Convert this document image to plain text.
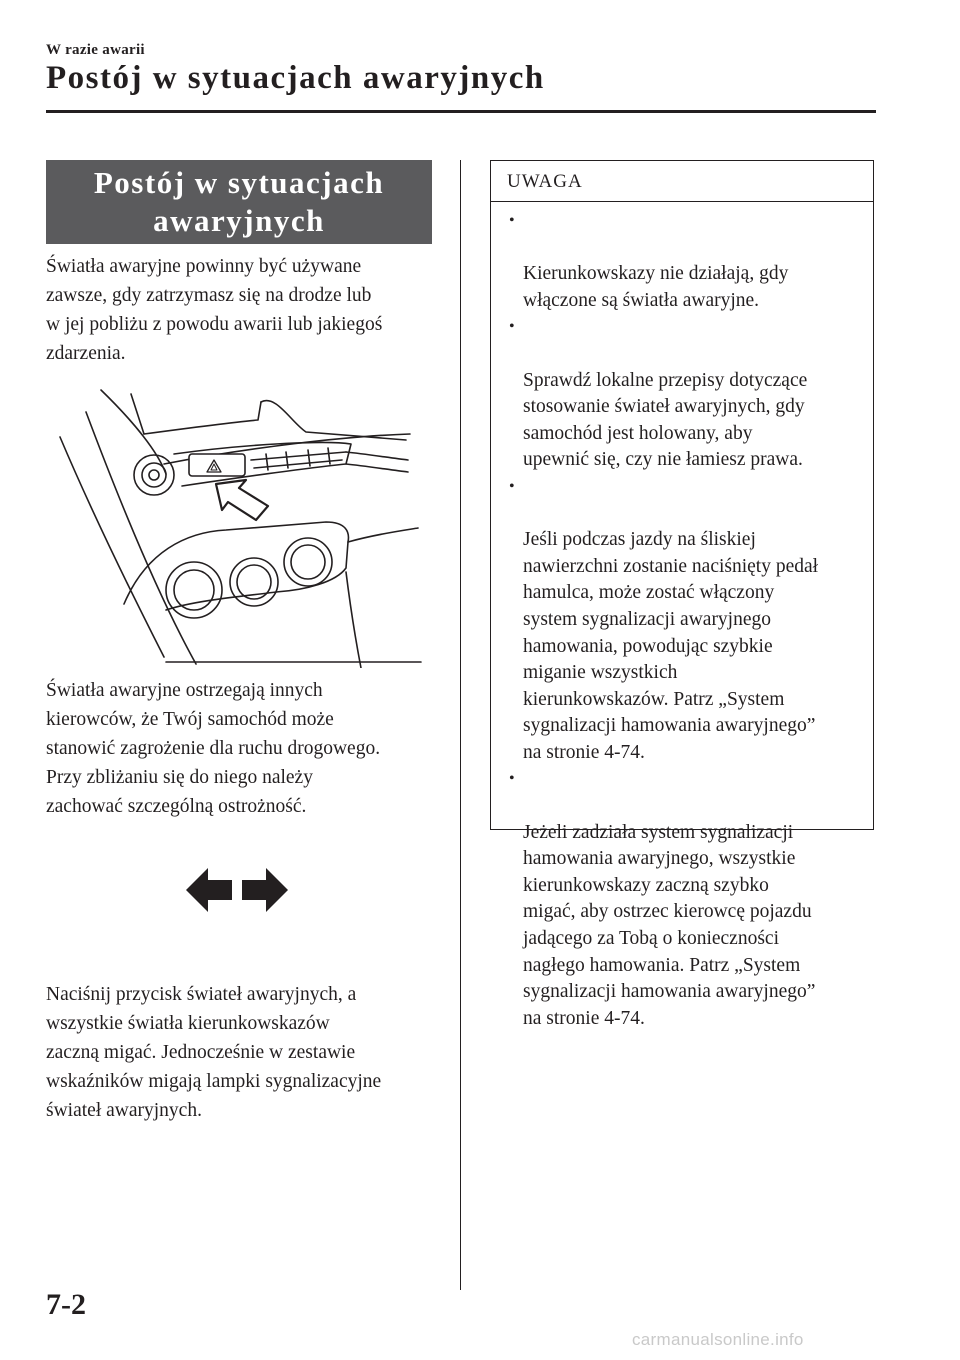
W razie awarii
Postój w sytuacjach awaryjnych
Postój w sytuacjach
awaryjnych

Światła awaryjne powinny być używane
zawsze, gdy zatrzymasz się na drodze lub
w jej pobliżu z powodu awarii lub jakiegoś
zdarzenia.

Światła awaryjne ostrzegają innych
kierowców, że Twój samochód może
stanowić zagrożenie dla ruchu drogowego.
Przy zbliżaniu się do niego należy
zachować szczególną ostrożność.

Naciśnij przycisk świateł awaryjnych, a
wszystkie światła kierunkowskazów
zaczną migać. Jednocześnie w zestawie
wskaźników migają lampki sygnalizacyjne
świateł awaryjnych.

UWAGA

•

Kierunkowskazy nie działają, gdy
włączone są światła awaryjne.

•

Sprawdź lokalne przepisy dotyczące
stosowanie świateł awaryjnych, gdy
samochód jest holowany, aby
upewnić się, czy nie łamiesz prawa.

•

Jeśli podczas jazdy na śliskiej
nawierzchni zostanie naciśnięty pedał
hamulca, może zostać włączony
system sygnalizacji awaryjnego
hamowania, powodując szybkie
miganie wszystkich
kierunkowskazów. Patrz „System
sygnalizacji hamowania awaryjnego”
na stronie 4-74.

•

Jeżeli zadziała system sygnalizacji
hamowania awaryjnego, wszystkie
kierunkowskazy zaczną szybko
migać, aby ostrzec kierowcę pojazdu
jadącego za Tobą o konieczności
nagłego hamowania. Patrz „System
sygnalizacji hamowania awaryjnego”
na stronie 4-74.

7-2
carmanualsonline.info
